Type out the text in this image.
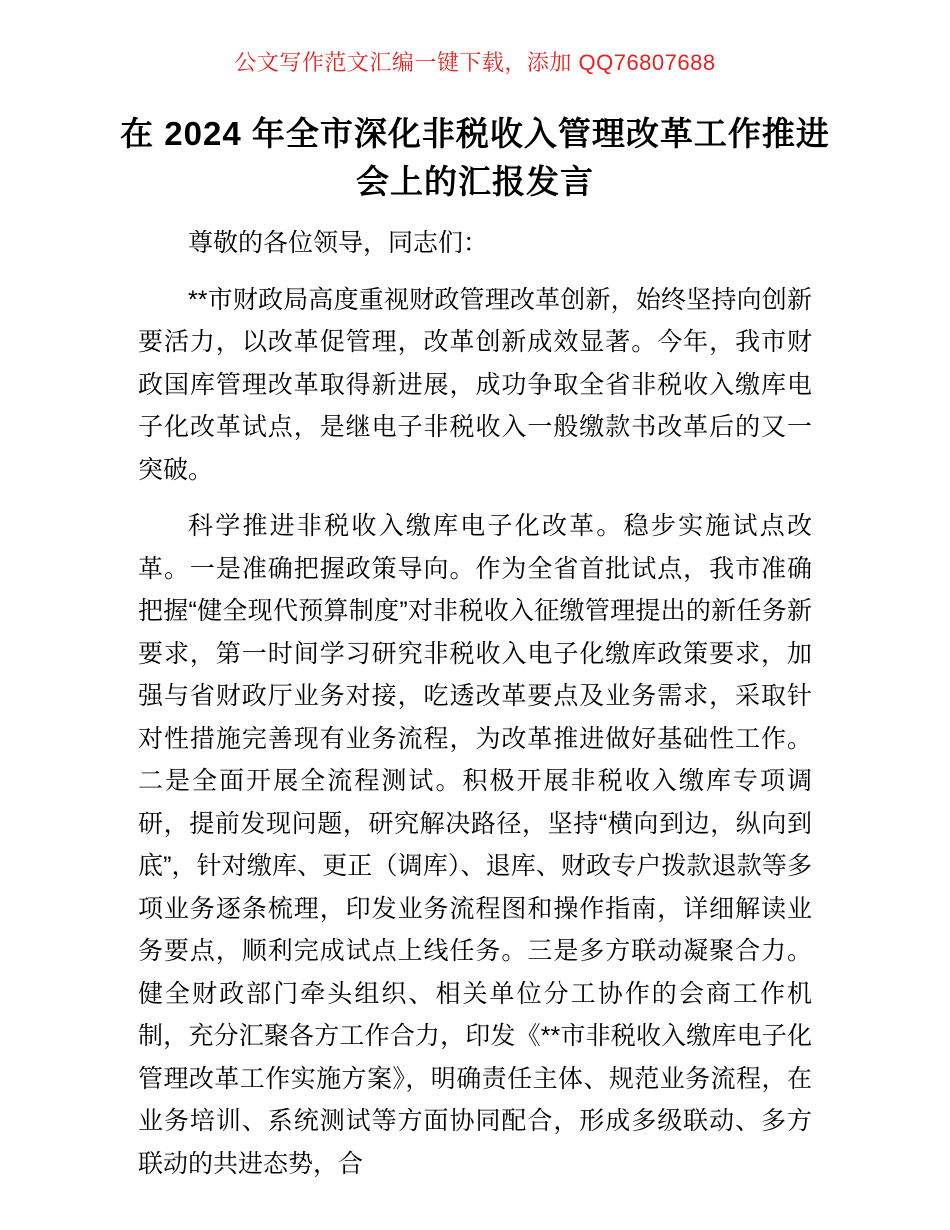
公文写作范文汇编一键下载，添加 QQ76807688
在 2024 年全市深化非税收入管理改革工作推进
会上的汇报发言

尊敬的各位领导，同志们：

**市财政局高度重视财政管理改革创新，始终坚持向创新要活力，以改革促管理，改革创新成效显著。今年，我市财政国库管理改革取得新进展，成功争取全省非税收入缴库电子化改革试点，是继电子非税收入一般缴款书改革后的又一突破。

科学推进非税收入缴库电子化改革。稳步实施试点改革。一是准确把握政策导向。作为全省首批试点，我市准确把握“健全现代预算制度”对非税收入征缴管理提出的新任务新要求，第一时间学习研究非税收入电子化缴库政策要求，加强与省财政厅业务对接，吃透改革要点及业务需求，采取针对性措施完善现有业务流程，为改革推进做好基础性工作。二是全面开展全流程测试。积极开展非税收入缴库专项调研，提前发现问题，研究解决路径，坚持“横向到边，纵向到底”，针对缴库、更正（调库）、退库、财政专户拨款退款等多项业务逐条梳理，印发业务流程图和操作指南，详细解读业务要点，顺利完成试点上线任务。三是多方联动凝聚合力。健全财政部门牵头组织、相关单位分工协作的会商工作机制，充分汇聚各方工作合力，印发《**市非税收入缴库电子化管理改革工作实施方案》，明确责任主体、规范业务流程，在业务培训、系统测试等方面协同配合，形成多级联动、多方联动的共进态势，合
